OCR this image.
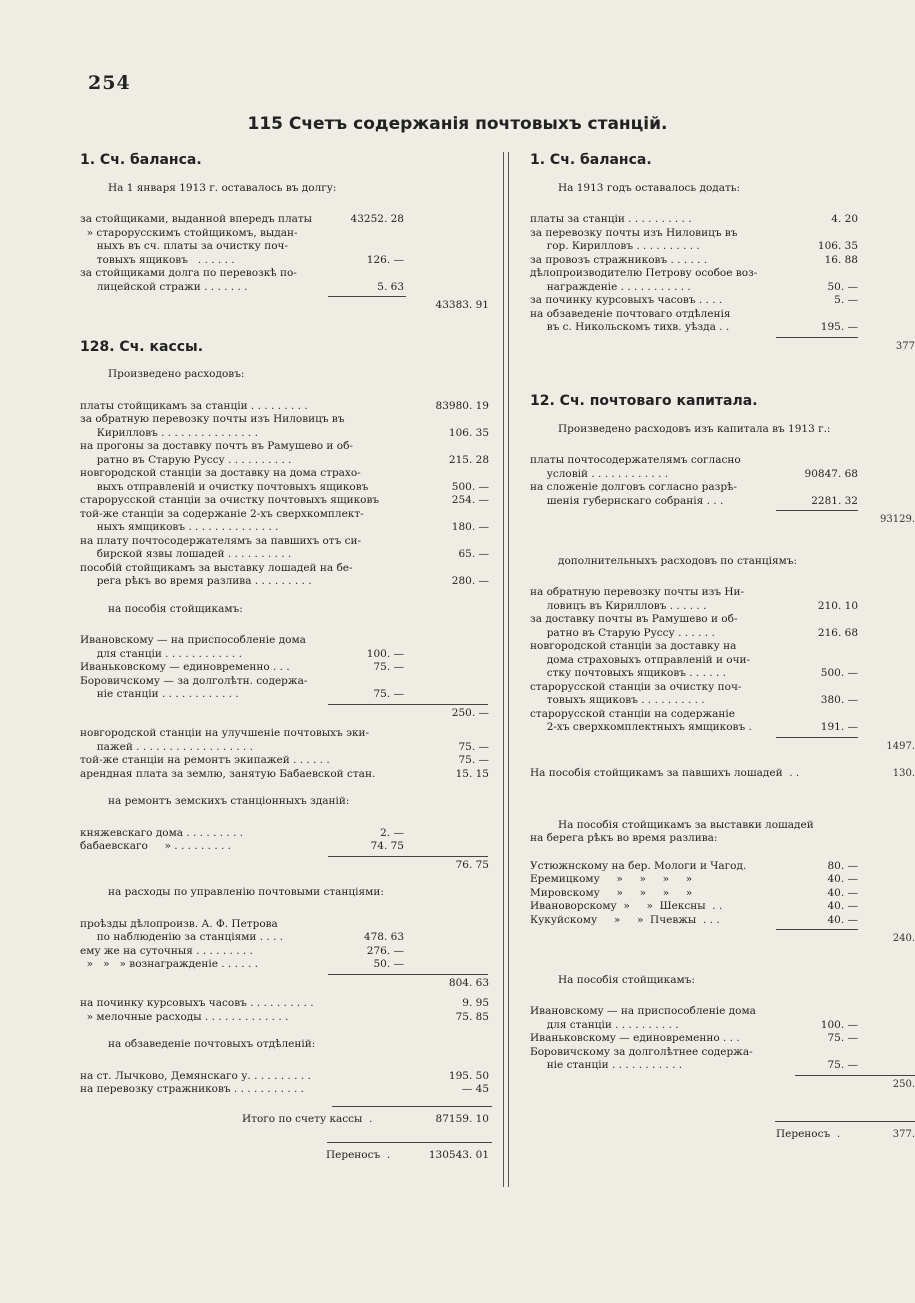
254
115 Счетъ содержанія почтовыхъ станцій.
1. Сч. баланса.
На 1 января 1913 г. оставалось въ долгу:
за стойщиками, выданной впередъ платы	43252. 28
» старорусскимъ стойщикомъ, выдан-
ныхъ въ сч. платы за очистку поч-
товыхъ ящиковъ   . . . . . .	126. —
за стойщиками долга по перевозкѣ по-
лицейской стражи . . . . . . .	5. 63
43383. 91
128. Сч. кассы.
Произведено расходовъ:
платы стойщикамъ за станціи . . . . . . . . .	83980. 19
за обратную перевозку почты изъ Ниловицъ въ
Кирилловъ . . . . . . . . . . . . . . .	106. 35
на прогоны за доставку почтъ въ Рамушево и об-
ратно въ Старую Руссу . . . . . . . . . .	215. 28
новгородской станціи за доставку на дома страхо-
выхъ отправленій и очистку почтовыхъ ящиковъ	500. —
старорусской станціи за очистку почтовыхъ ящиковъ	254. —
той-же станціи за содержаніе 2-хъ сверхкомплект-
ныхъ ямщиковъ . . . . . . . . . . . . . .	180. —
на плату почтосодержателямъ за павшихъ отъ си-
бирской язвы лошадей . . . . . . . . . .	65. —
пособій стойщикамъ за выставку лошадей на бе-
рега рѣкъ во время разлива . . . . . . . . .	280. —
на пособія стойщикамъ:
Ивановскому — на приспособленіе дома
для станціи . . . . . . . . . . . .	100. —
Иваньковскому — единовременно . . .	75. —
Боровичскому — за долголѣтн. содержа-
ніе станціи . . . . . . . . . . . .	75. —
250. —
новгородской станціи на улучшеніе почтовыхъ эки-
пажей . . . . . . . . . . . . . . . . . .	75. —
той-же станціи на ремонтъ экипажей . . . . . .	75. —
арендная плата за землю, занятую Бабаевской стан.	15. 15
на ремонтъ земскихъ станціонныхъ зданій:
княжевскаго дома . . . . . . . . .	2. —
бабаевскаго     » . . . . . . . . .	74. 75
76. 75
на расходы по управленію почтовыми станціями:
проѣзды дѣлопроизв. А. Ф. Петрова
по наблюденію за станціями . . . .	478. 63
ему же на суточныя . . . . . . . . .	276. —
»   »   » вознагражденіе . . . . . .	50. —
804. 63
на починку курсовыхъ часовъ . . . . . . . . . .	9. 95
» мелочные расходы . . . . . . . . . . . . .	75. 85
на обзаведеніе почтовыхъ отдѣленій:
на ст. Лычково, Демянскаго у. . . . . . . . . .	195. 50
на перевозку стражниковъ . . . . . . . . . . .	— 45
Итого по счету кассы  .	87159. 10
Переносъ  .	130543. 01
1. Сч. баланса.
На 1913 годъ оставалось додать:
платы за станціи . . . . . . . . . .	4. 20
за перевозку почты изъ Ниловицъ въ
гор. Кирилловъ . . . . . . . . . .	106. 35
за провозъ стражниковъ . . . . . .	16. 88
дѣлопроизводителю Петрову особое воз-
награжденіе . . . . . . . . . . .	50. —
за починку курсовыхъ часовъ . . . .	5. —
на обзаведеніе почтоваго отдѣленія
въ с. Никольскомъ тихв. уѣзда . .	195. —
377
12. Сч. почтоваго капитала.
Произведено расходовъ изъ капитала въ 1913 г.:
платы почтосодержателямъ согласно
условій . . . . . . . . . . . .	90847. 68
на сложеніе долговъ согласно разрѣ-
шенія губернскаго собранія . . .	2281. 32
93129.
дополнительныхъ расходовъ по станціямъ:
на обратную перевозку почты изъ Ни-
ловицъ въ Кирилловъ . . . . . .	210. 10
за доставку почты въ Рамушево и об-
ратно въ Старую Руссу . . . . . .	216. 68
новгородской станціи за доставку на
дома страховыхъ отправленій и очи-
стку почтовыхъ ящиковъ . . . . . .	500. —
старорусской станціи за очистку поч-
товыхъ ящиковъ . . . . . . . . . .	380. —
старорусской станціи на содержаніе
2-хъ сверхкомплектныхъ ямщиковъ .	191. —
1497.
На пособія стойщикамъ за павшихъ лошадей  . .	130.
На пособія стойщикамъ за выставки лошадей
на берега рѣкъ во время разлива:
Устюжнскому на бер. Мологи и Чагод.	80. —
Еремицкому     »     »     »     »	40. —
Мировскому     »     »     »     »	40. —
Ивановорскому  »     »  Шексны  . .	40. —
Кукуйскому     »     »  Пчевжы  . . .	40. —
240.
На пособія стойщикамъ:
Ивановскому — на приспособленіе дома
для станціи . . . . . . . . . .	100. —
Иваньковскому — единовременно . . .	75. —
Боровичскому за долголѣтнее содержа-
ніе станціи . . . . . . . . . . .	75. —
250.
Переносъ  .	377.
